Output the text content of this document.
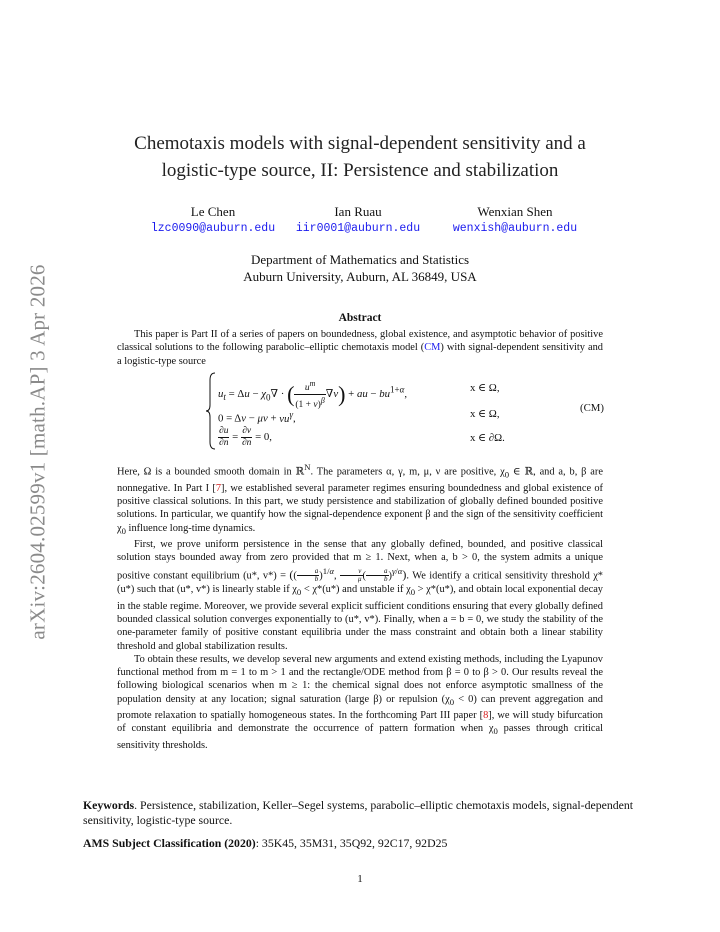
arXiv:2604.02599v1 [math.AP] 3 Apr 2026
Chemotaxis models with signal-dependent sensitivity and a
logistic-type source, II: Persistence and stabilization
Le Chen
lzc0090@auburn.edu
Ian Ruau
iir0001@auburn.edu
Wenxian Shen
wenxish@auburn.edu
Department of Mathematics and Statistics
Auburn University, Auburn, AL 36849, USA
Abstract

This paper is Part II of a series of papers on boundedness, global existence, and asymptotic behavior of positive classical solutions to the following parabolic–elliptic chemotaxis model (CM) with signal-dependent sensitivity and a logistic-type source

$u_t = \Delta u - \chi_0\nabla$ · ( $\frac{u^m}{(1 + v)^\beta} \nabla v$) + au − $bu^{1+\alpha}$,
x ∈ Ω,
$0 = \Delta v - \mu v + \nu u^\gamma$,	x ∈ Ω,
$\frac{\partial u}{\partial n} = \frac{\partial v}{\partial n} = 0$,	x ∈ ∂Ω.
(CM)

Here, Ω is a bounded smooth domain in ℝ$^N$. The parameters α, γ, m, μ, ν are positive, $\chi_0$ ∈ ℝ, and a, b, β are nonnegative. In Part I [7], we established several parameter regimes ensuring boundedness and global existence of positive classical solutions. In this part, we study persistence and stabilization of globally defined bounded positive solutions. In particular, we quantify how the signal-dependence exponent β and the sign of the sensitivity coefficient $\chi_0$ influence long-time dynamics.

First, we prove uniform persistence in the sense that any globally defined, bounded, and positive classical solution stays bounded away from zero provided that m ≥ 1. Next, when a, b > 0, the system admits a unique positive constant equilibrium (u*, v*) = (( $\frac{a}{b} )^{1/\alpha}$, $\frac{\nu}{\mu}$ ( $\frac{a}{b} )^{\gamma/\alpha}$). We identify a critical sensitivity threshold χ*(u*) such that (u*, v*) is linearly stable if $\chi_0 < \chi*(u*)$ and unstable if $\chi_0 > \chi*(u*)$, and obtain local exponential decay in the stable regime. Moreover, we provide several explicit sufficient conditions ensuring that every globally defined bounded classical solution converges exponentially to (u*, v*). Finally, when a = b = 0, we study the stability of the one-parameter family of positive constant equilibria under the mass constraint and obtain both a linear stability threshold and global stabilization results.

To obtain these results, we develop several new arguments and extend existing methods, including the Lyapunov functional method from m = 1 to m > 1 and the rectangle/ODE method from β = 0 to β > 0. Our results reveal the following biological scenarios when m ≥ 1: the chemical signal does not enforce asymptotic smallness of the population density at any location; signal saturation (large β) or repulsion $(\chi_0 < 0)$ can prevent aggregation and promote relaxation to spatially homogeneous states. In the forthcoming Part III paper [8], we will study bifurcation of constant equilibria and demonstrate the occurrence of pattern formation when $\chi_0$ passes through critical sensitivity thresholds.

Keywords. Persistence, stabilization, Keller–Segel systems, parabolic–elliptic chemotaxis models, signal-dependent sensitivity, logistic-type source.
AMS Subject Classification (2020): 35K45, 35M31, 35Q92, 92C17, 92D25
1
